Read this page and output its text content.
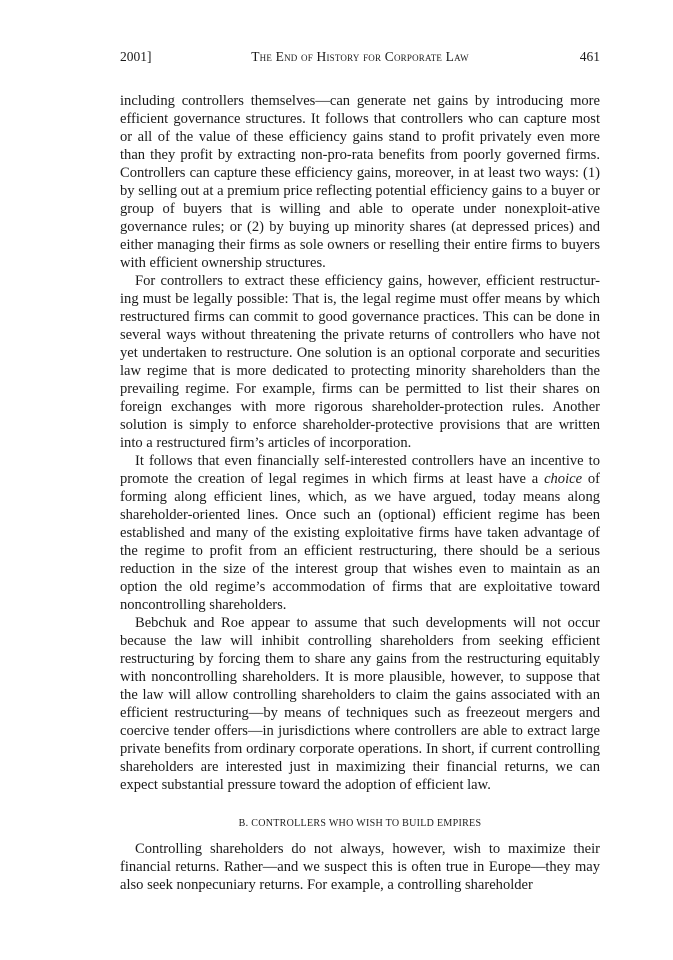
2001]	The End of History for Corporate Law	461

including controllers themselves—can generate net gains by introducing more efficient governance structures. It follows that controllers who can capture most or all of the value of these efficiency gains stand to profit privately even more than they profit by extracting non-pro-rata benefits from poorly governed firms. Controllers can capture these efficiency gains, moreover, in at least two ways: (1) by selling out at a premium price reflecting potential efficiency gains to a buyer or group of buyers that is willing and able to operate under nonexploit-ative governance rules; or (2) by buying up minority shares (at depressed prices) and either managing their firms as sole owners or reselling their entire firms to buyers with efficient ownership structures.

For controllers to extract these efficiency gains, however, efficient restructur-ing must be legally possible: That is, the legal regime must offer means by which restructured firms can commit to good governance practices. This can be done in several ways without threatening the private returns of controllers who have not yet undertaken to restructure. One solution is an optional corporate and securities law regime that is more dedicated to protecting minority shareholders than the prevailing regime. For example, firms can be permitted to list their shares on foreign exchanges with more rigorous shareholder-protection rules. Another solution is simply to enforce shareholder-protective provisions that are written into a restructured firm’s articles of incorporation.

It follows that even financially self-interested controllers have an incentive to promote the creation of legal regimes in which firms at least have a choice of forming along efficient lines, which, as we have argued, today means along shareholder-oriented lines. Once such an (optional) efficient regime has been established and many of the existing exploitative firms have taken advantage of the regime to profit from an efficient restructuring, there should be a serious reduction in the size of the interest group that wishes even to maintain as an option the old regime’s accommodation of firms that are exploitative toward noncontrolling shareholders.

Bebchuk and Roe appear to assume that such developments will not occur because the law will inhibit controlling shareholders from seeking efficient restructuring by forcing them to share any gains from the restructuring equitably with noncontrolling shareholders. It is more plausible, however, to suppose that the law will allow controlling shareholders to claim the gains associated with an efficient restructuring—by means of techniques such as freezeout mergers and coercive tender offers—in jurisdictions where controllers are able to extract large private benefits from ordinary corporate operations. In short, if current controlling shareholders are interested just in maximizing their financial returns, we can expect substantial pressure toward the adoption of efficient law.

B. CONTROLLERS WHO WISH TO BUILD EMPIRES

Controlling shareholders do not always, however, wish to maximize their financial returns. Rather—and we suspect this is often true in Europe—they may also seek nonpecuniary returns. For example, a controlling shareholder
